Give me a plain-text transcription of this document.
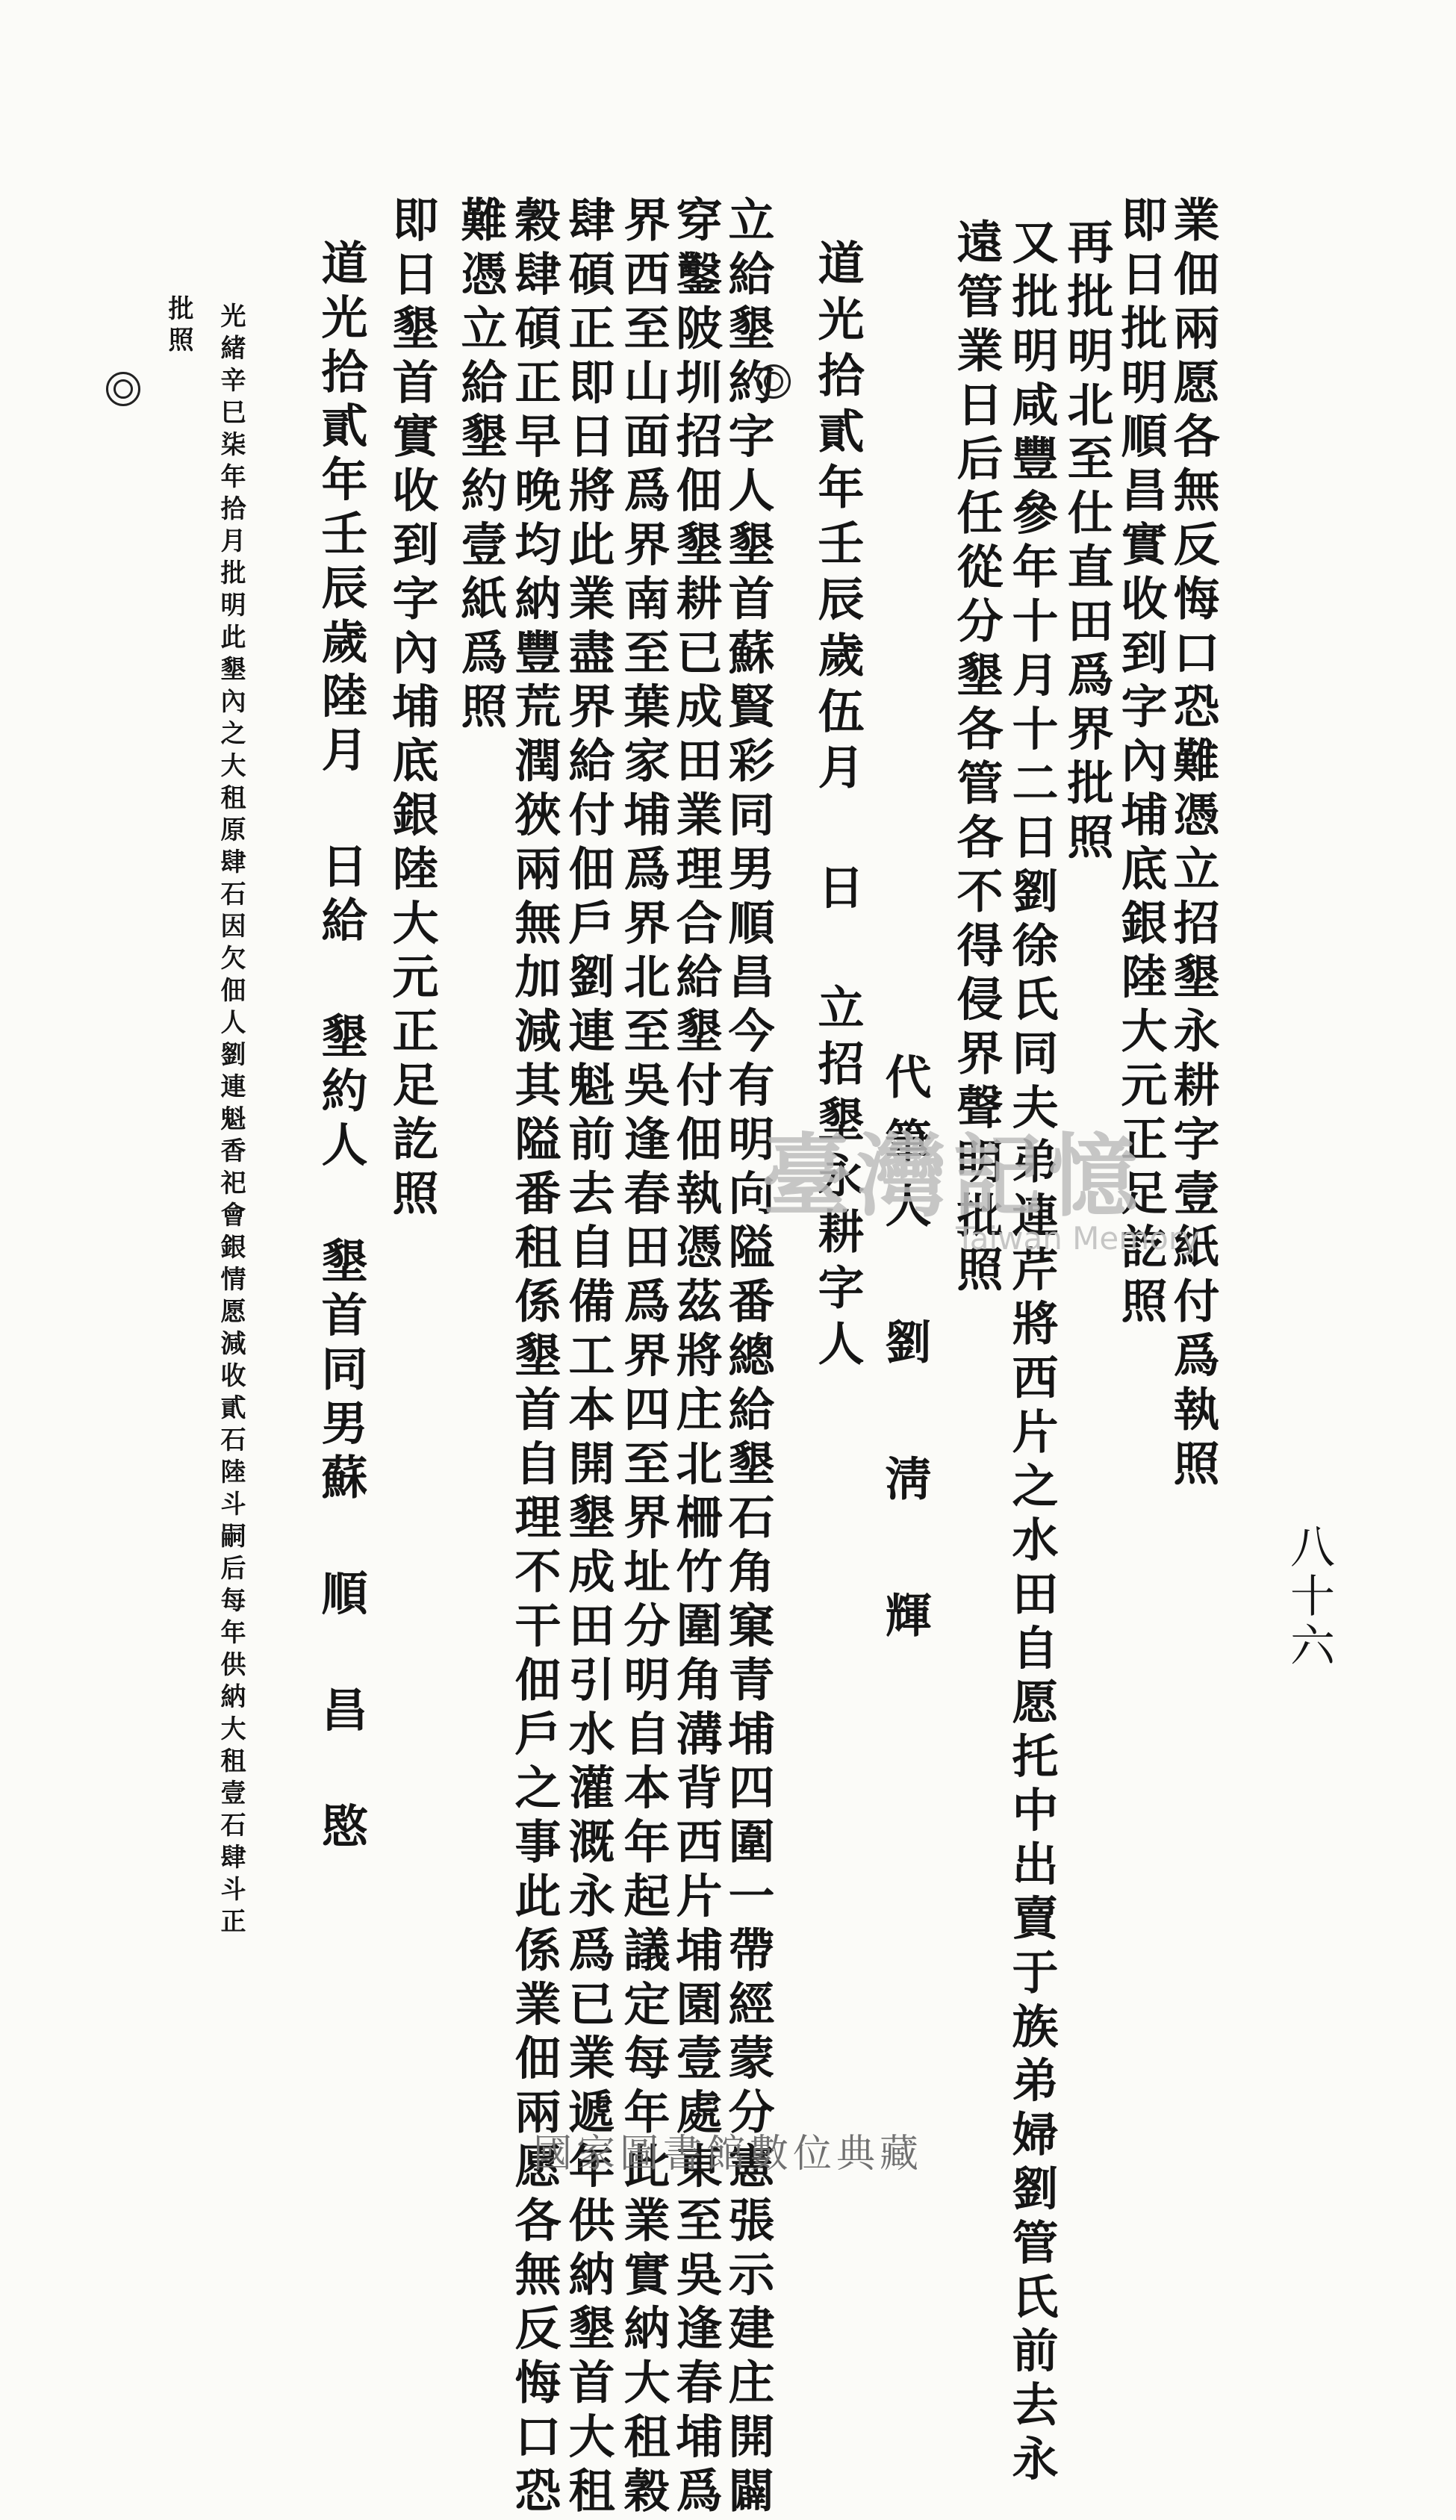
八十六
業佃兩愿各無反悔口恐難憑立招墾永耕字壹紙付爲執照
即日批明順昌實收到字內埔底銀陸大元正足訖照
再批明北至仕直田爲界批照
又批明咸豐參年十月十二日劉徐氏同夫弟連芹將西片之水田自愿托中出賣于族弟婦劉管氏前去永
遠管業日后任從分墾各管各不得侵界聲明批照
代筆人 劉 淸 輝
道光拾貳年壬辰歲伍月 日 立招墾永耕字人
立給墾約字人墾首蘇賢彩同男順昌今有明向隘番總給墾石角窠青埔四圍一帶經蒙分憲張示建庄開闢
穿鑿陂圳招佃墾耕已成田業理合給墾付佃執憑茲將庄北柵竹圍角溝背西片埔園壹處東至吳逢春埔爲
界西至山面爲界南至葉家埔爲界北至吳逢春田爲界四至界址分明自本年起議定每年此業實納大租穀
肆碩正即日將此業盡界給付佃戶劉連魁前去自備工本開墾成田引水灌溉永爲已業遞年供納墾首大租
穀肆碩正早晚均納豐荒潤狹兩無加減其隘番租係墾首自理不干佃戶之事此係業佃兩愿各無反悔口恐
難憑立給墾約壹紙爲照
即日墾首實收到字內埔底銀陸大元正足訖照
道光拾貳年壬辰歲陸月 日給 墾約人 墾首同男蘇 順 昌 愍
光緒辛巳柒年拾月批明此墾內之大租原肆石因欠佃人劉連魁香祀會銀情愿減收貳石陸斗嗣后每年供納大租壹石肆斗正
批照
臺灣記憶
Taiwan Memory
國家圖書館數位典藏
